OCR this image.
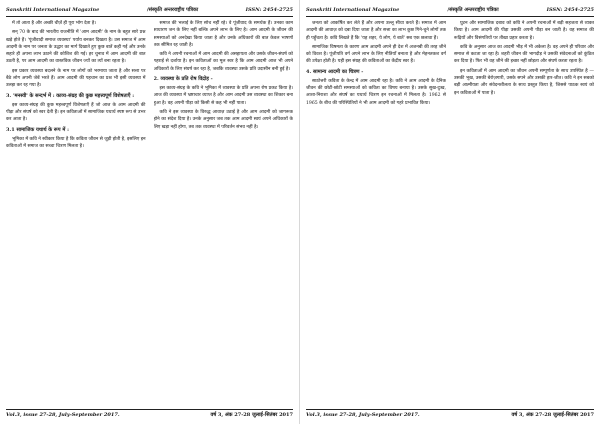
Sanskriti International Magazine	/संस्कृति अन्तरराष्ट्रीय पत्रिका	ISSN: 2454-2725

में तो आता है और अच्छी चीज़ें ही पूरा भोग देता है।

सन् 70 के बाद की भारतीय राजनीति में 'आम आदमी' के नाम के बहुत सारे प्रश्न खड़े होते हैं। 'पूंजीवादी समाज व्यवस्था' पर्याय बनकर दिखता है। उस समाज में आम आदमी के नाम पर जनता के उद्धार का मार्ग दिखाते हुए कुछ बातें कही गईं और उनके सहारे ही अपना लाभ उठाने की कोशिश की गई। हर चुनाव में आम आदमी की बात उठती है, पर आम आदमी का वास्तविक जीवन ज्यों का त्यों बना रहता है।

इस प्रकार व्यवस्था बदलने के नाम पर लोगों को भरमाया जाता है और सत्ता पर बैठे लोग अपनी जेबें भरते हैं। आम आदमी की पहचान का प्रश्न भी इसी व्यवस्था में उलझ कर रह गया है।

3. 'मनस्वी' के सन्दर्भ में : काव्य-संग्रह की कुछ महत्त्वपूर्ण विशेषताएँ :

इस काव्य-संग्रह की कुछ महत्त्वपूर्ण विशेषताएँ हैं जो आज के आम आदमी की पीड़ा और संघर्ष को स्वर देती हैं। इन कविताओं में सामाजिक यथार्थ स्पष्ट रूप से उभर कर आता है।

3.1 सामाजिक यथार्थ के रूप में :

भूमिका में कवि ने स्वीकार किया है कि कविता जीवन से जुड़ी होती है, इसलिए इन कविताओं में समाज का सच्चा चित्रण मिलता है।

समाज की भलाई के लिए सोच नहीं रहे। वे पूंजीवाद के समर्थक हैं। उनका काम साधारण जन के लिए नहीं बल्कि अपने लाभ के लिए है। आम आदमी के जीवन की समस्याओं को अनदेखा किया जाता है और उनके अधिकारों की बात केवल भाषणों तक सीमित रह जाती है।

कवि ने अपनी रचनाओं में आम आदमी की असहायता और उसके जीवन-संघर्ष को गहराई से दर्शाया है। इन कविताओं का मूल स्वर है कि आम आदमी आज भी अपने अधिकारों के लिए संघर्ष कर रहा है, जबकि व्यवस्था उसके प्रति उदासीन बनी हुई है।

2. व्यवस्था के प्रति रोष विद्रोह -

इस काव्य-संग्रह के कवि ने भूमिका में व्यवस्था के प्रति अपना रोष प्रकट किया है। आज की व्यवस्था में भ्रष्टाचार व्याप्त है और आम आदमी उस व्यवस्था का शिकार बना हुआ है। वह अपनी पीड़ा को किसी से कह भी नहीं पाता।

कवि ने इस व्यवस्था के विरुद्ध आवाज़ उठाई है और आम आदमी को जागरूक होने का संदेश दिया है। उनके अनुसार जब तक आम आदमी स्वयं अपने अधिकारों के लिए खड़ा नहीं होगा, तब तक व्यवस्था में परिवर्तन संभव नहीं है।

Vol.3, issue 27-28, July-September 2017.	वर्ष 3, अंक 27-28 जुलाई-सितंबर 2017
Sanskriti International Magazine	/संस्कृति अन्तरराष्ट्रीय पत्रिका	ISSN: 2454-2725

जनता को आकर्षित कर लेते हैं और अपना उल्लू सीधा करते हैं। समाज में आम आदमी की आवाज़ को दबा दिया जाता है और सत्ता का लाभ कुछ गिने-चुने लोगों तक ही पहुँचता है। कवि लिखते हैं कि 'यह शहर, ये लोग, ये बातें' सब एक छलावा हैं।

सामाजिक विषमता के कारण आम आदमी अपने ही देश में अजनबी की तरह जीने को विवश है। पूंजीपति वर्ग अपने लाभ के लिए नीतियाँ बनाता है और मेहनतकश वर्ग की उपेक्षा होती है। यही इस संग्रह की कविताओं का केंद्रीय स्वर है।

4. सामान्य आदमी का चित्रण -

साठोत्तरी कविता के केन्द्र में आम आदमी रहा है। कवि ने आम आदमी के दैनिक जीवन की छोटी-छोटी समस्याओं को कविता का विषय बनाया है। उसके सुख-दुःख, आशा-निराशा और संघर्ष का यथार्थ चित्रण इन रचनाओं में मिलता है। 1962 से 1965 के बीच की परिस्थितियों ने भी आम आदमी को गहरे प्रभावित किया।

घुटन और सामाजिक दबाव को कवि ने अपनी रचनाओं में बड़ी सहजता से व्यक्त किया है। आम आदमी की पीड़ा उसकी अपनी पीड़ा बन जाती है। वह समाज की रूढ़ियों और विसंगतियों पर तीखा प्रहार करता है।

कवि के अनुसार आज का आदमी भीड़ में भी अकेला है। वह अपने ही परिवार और समाज से कटता जा रहा है। शहरी जीवन की भागदौड़ ने उसकी संवेदनाओं को कुंठित कर दिया है। फिर भी वह जीने की इच्छा नहीं छोड़ता और संघर्ष करता रहता है।

इन कविताओं में आम आदमी का जीवन अपनी सम्पूर्णता के साथ उपस्थित है — उसकी भूख, उसकी बेरोज़गारी, उसके सपने और उसकी हार-जीत। कवि ने इन सबको बड़ी आत्मीयता और संवेदनशीलता के साथ प्रस्तुत किया है, जिससे पाठक स्वयं को इन कविताओं में पाता है।

Vol.3, issue 27-28, July-September 2017.	वर्ष 3, अंक 27-28 जुलाई-सितंबर 2017
